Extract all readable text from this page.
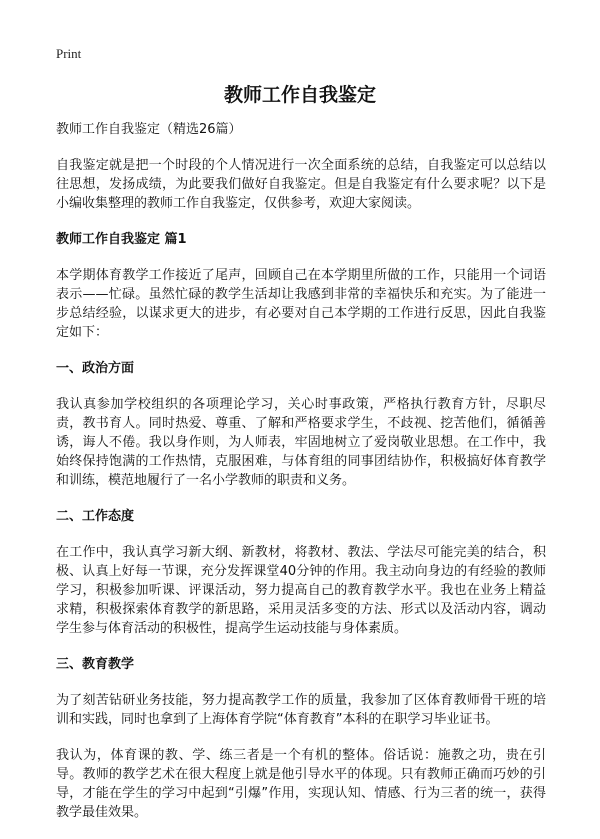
Print
教师工作自我鉴定

教师工作自我鉴定（精选26篇）

自我鉴定就是把一个时段的个人情况进行一次全面系统的总结，自我鉴定可以总结以往思想，发扬成绩，为此要我们做好自我鉴定。但是自我鉴定有什么要求呢？以下是小编收集整理的教师工作自我鉴定，仅供参考，欢迎大家阅读。

教师工作自我鉴定 篇1

本学期体育教学工作接近了尾声，回顾自己在本学期里所做的工作，只能用一个词语表示——忙碌。虽然忙碌的教学生活却让我感到非常的幸福快乐和充实。为了能进一步总结经验，以谋求更大的进步，有必要对自己本学期的工作进行反思，因此自我鉴定如下：

一、政治方面

我认真参加学校组织的各项理论学习，关心时事政策，严格执行教育方针，尽职尽责，教书育人。同时热爱、尊重、了解和严格要求学生，不歧视、挖苦他们，循循善诱，诲人不倦。我以身作则，为人师表，牢固地树立了爱岗敬业思想。在工作中，我始终保持饱满的工作热情，克服困难，与体育组的同事团结协作，积极搞好体育教学和训练，模范地履行了一名小学教师的职责和义务。

二、工作态度

在工作中，我认真学习新大纲、新教材，将教材、教法、学法尽可能完美的结合，积极、认真上好每一节课，充分发挥课堂40分钟的作用。我主动向身边的有经验的教师学习，积极参加听课、评课活动，努力提高自己的教育教学水平。我也在业务上精益求精，积极探索体育教学的新思路，采用灵活多变的方法、形式以及活动内容，调动学生参与体育活动的积极性，提高学生运动技能与身体素质。

三、教育教学

为了刻苦钻研业务技能，努力提高教学工作的质量，我参加了区体育教师骨干班的培训和实践，同时也拿到了上海体育学院“体育教育”本科的在职学习毕业证书。

我认为，体育课的教、学、练三者是一个有机的整体。俗话说：施教之功，贵在引导。教师的教学艺术在很大程度上就是他引导水平的体现。只有教师正确而巧妙的引导，才能在学生的学习中起到“引爆”作用，实现认知、情感、行为三者的统一，获得教学最佳效果。
